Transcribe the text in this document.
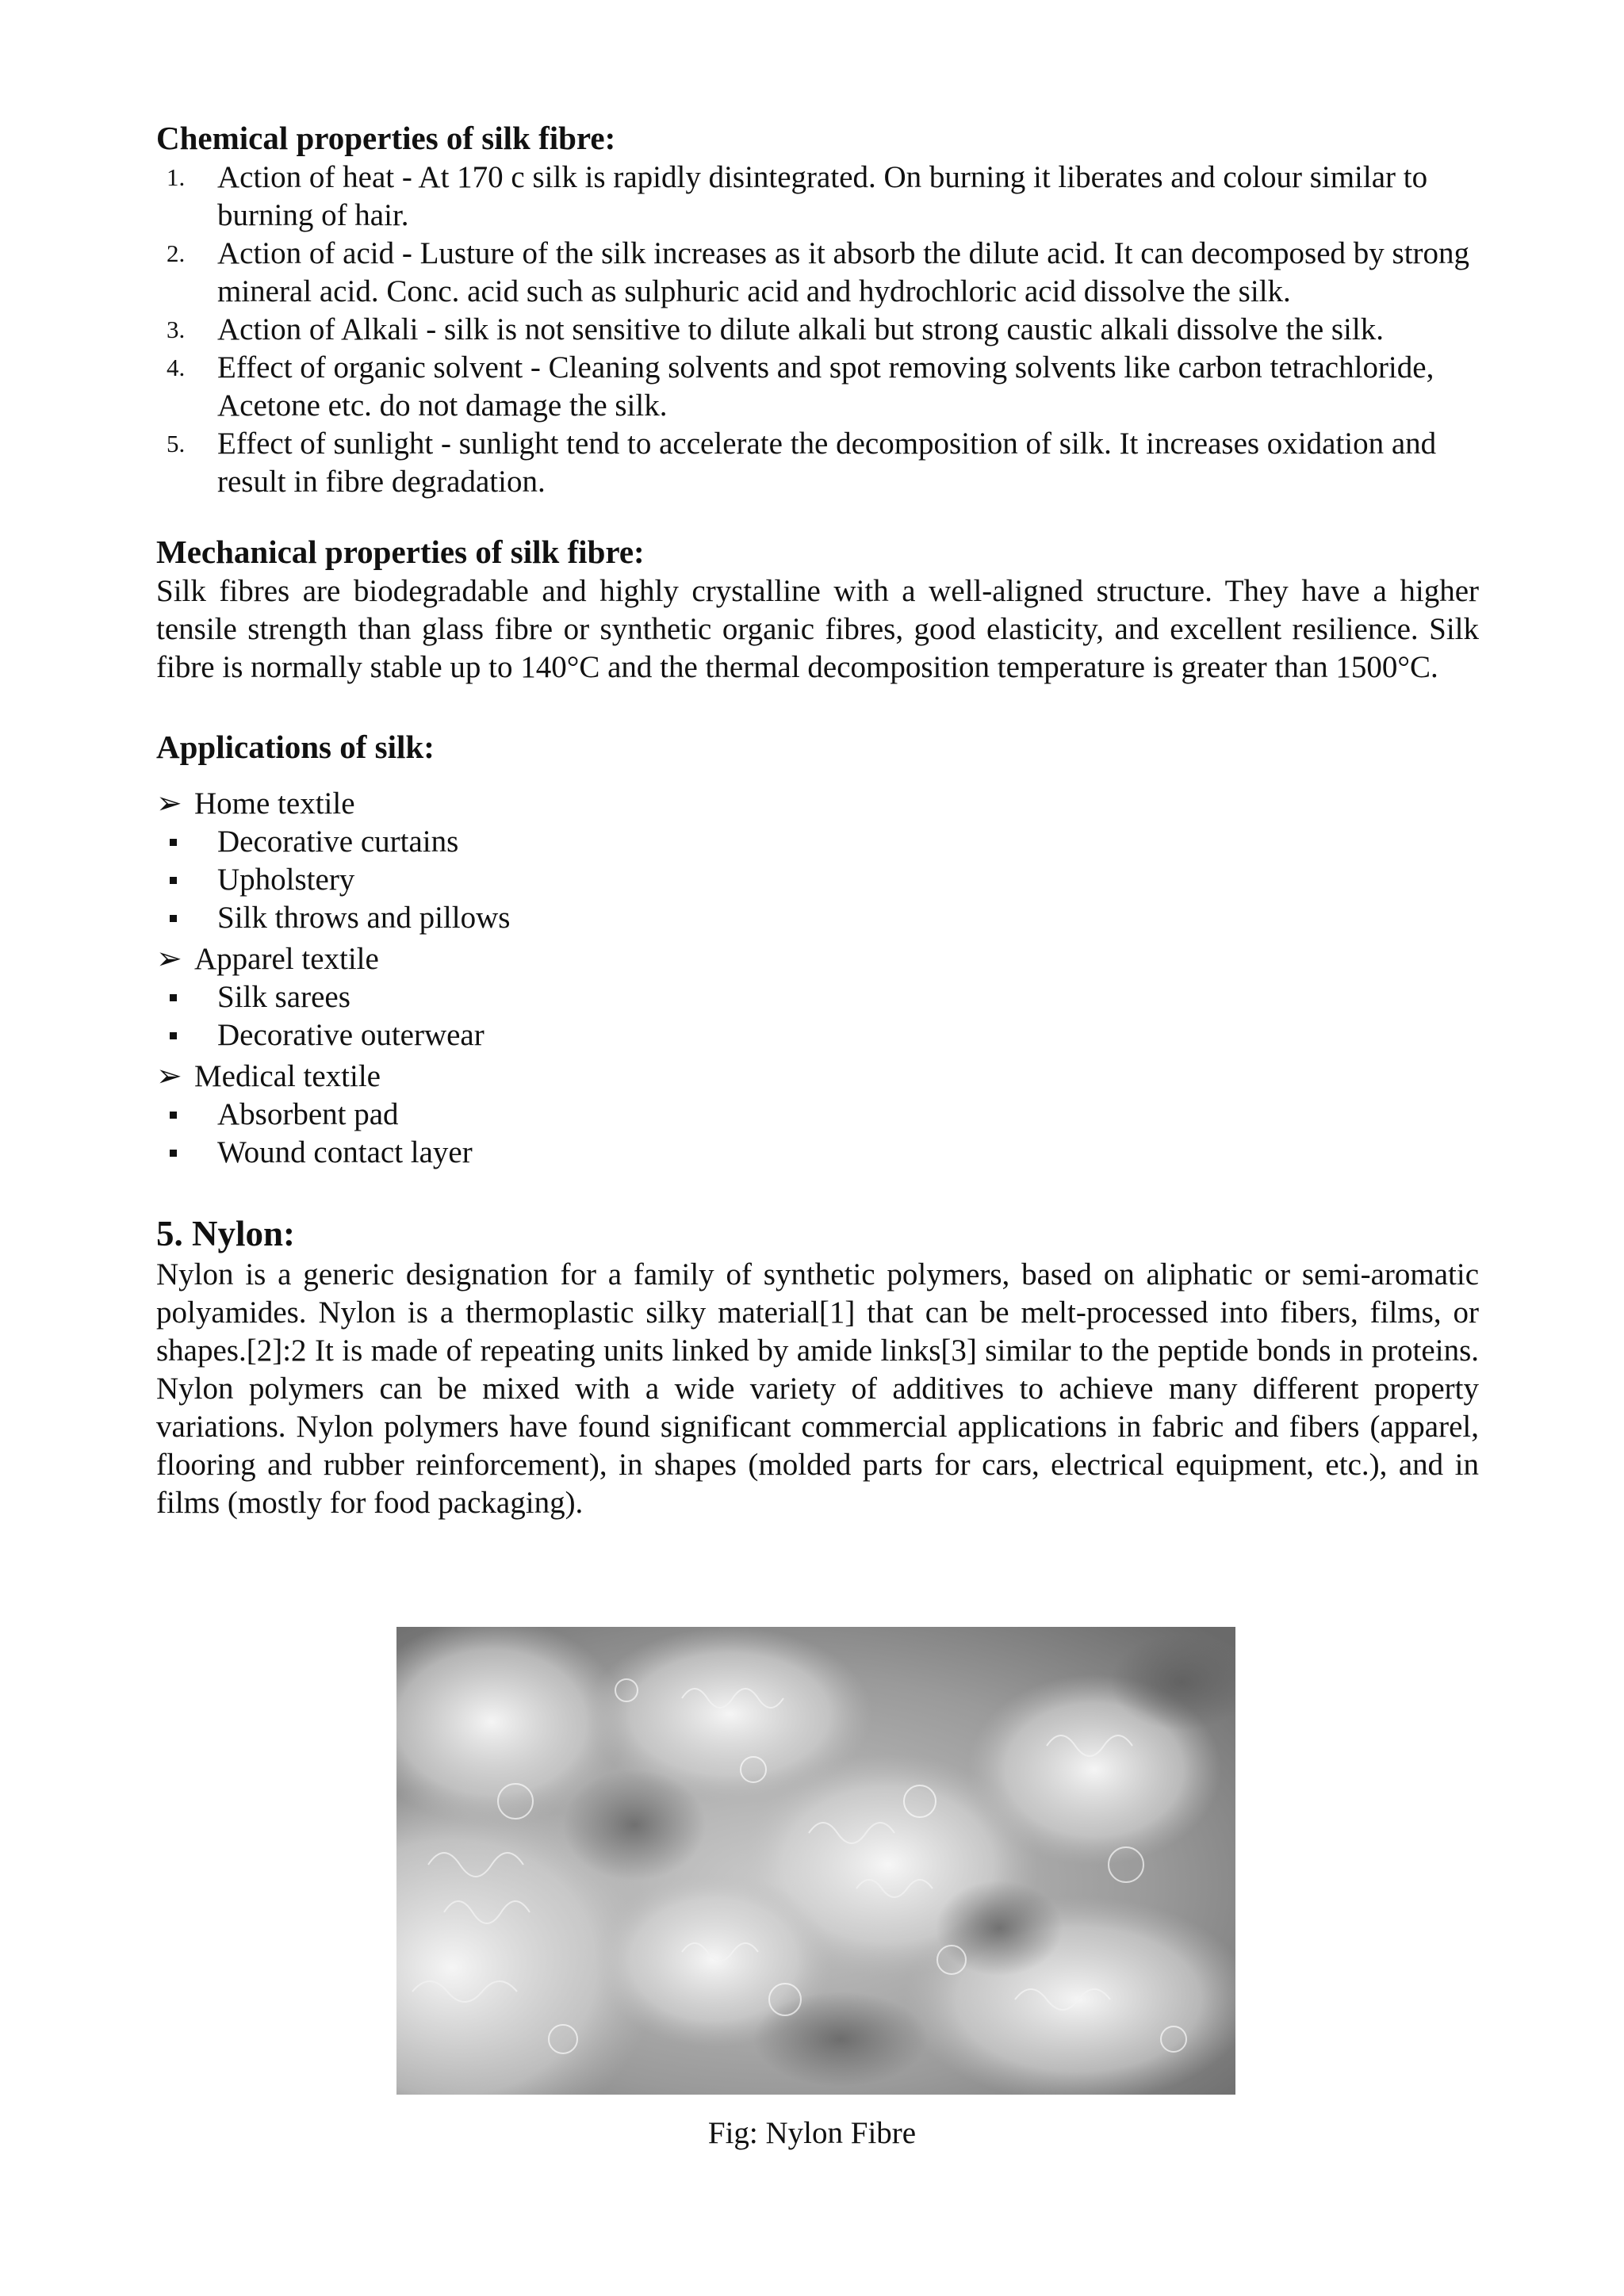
Chemical properties of silk fibre:
1. Action of heat - At 170 c silk is rapidly disintegrated. On burning it liberates and colour similar to burning of hair.
2. Action of acid - Lusture of the silk increases as it absorb the dilute acid. It can decomposed by strong mineral acid. Conc. acid such as sulphuric acid and hydrochloric acid dissolve the silk.
3. Action of Alkali - silk is not sensitive to dilute alkali but strong caustic alkali dissolve the silk.
4. Effect of organic solvent - Cleaning solvents and spot removing solvents like carbon tetrachloride, Acetone etc. do not damage the silk.
5. Effect of sunlight - sunlight tend to accelerate the decomposition of silk. It increases oxidation and result in fibre degradation.
Mechanical properties of silk fibre:

Silk fibres are biodegradable and highly crystalline with a well-aligned structure. They have a higher tensile strength than glass fibre or synthetic organic fibres, good elasticity, and excellent resilience. Silk fibre is normally stable up to 140°C and the thermal decomposition temperature is greater than 1500°C.

Applications of silk:
➢ Home textile
Decorative curtains
Upholstery
Silk throws and pillows
➢ Apparel textile
Silk sarees
Decorative outerwear
➢ Medical textile
Absorbent pad
Wound contact layer
5. Nylon:

Nylon is a generic designation for a family of synthetic polymers, based on aliphatic or semi-aromatic polyamides. Nylon is a thermoplastic silky material[1] that can be melt-processed into fibers, films, or shapes.[2]:2 It is made of repeating units linked by amide links[3] similar to the peptide bonds in proteins. Nylon polymers can be mixed with a wide variety of additives to achieve many different property variations. Nylon polymers have found significant commercial applications in fabric and fibers (apparel, flooring and rubber reinforcement), in shapes (molded parts for cars, electrical equipment, etc.), and in films (mostly for food packaging).

Fig: Nylon Fibre
